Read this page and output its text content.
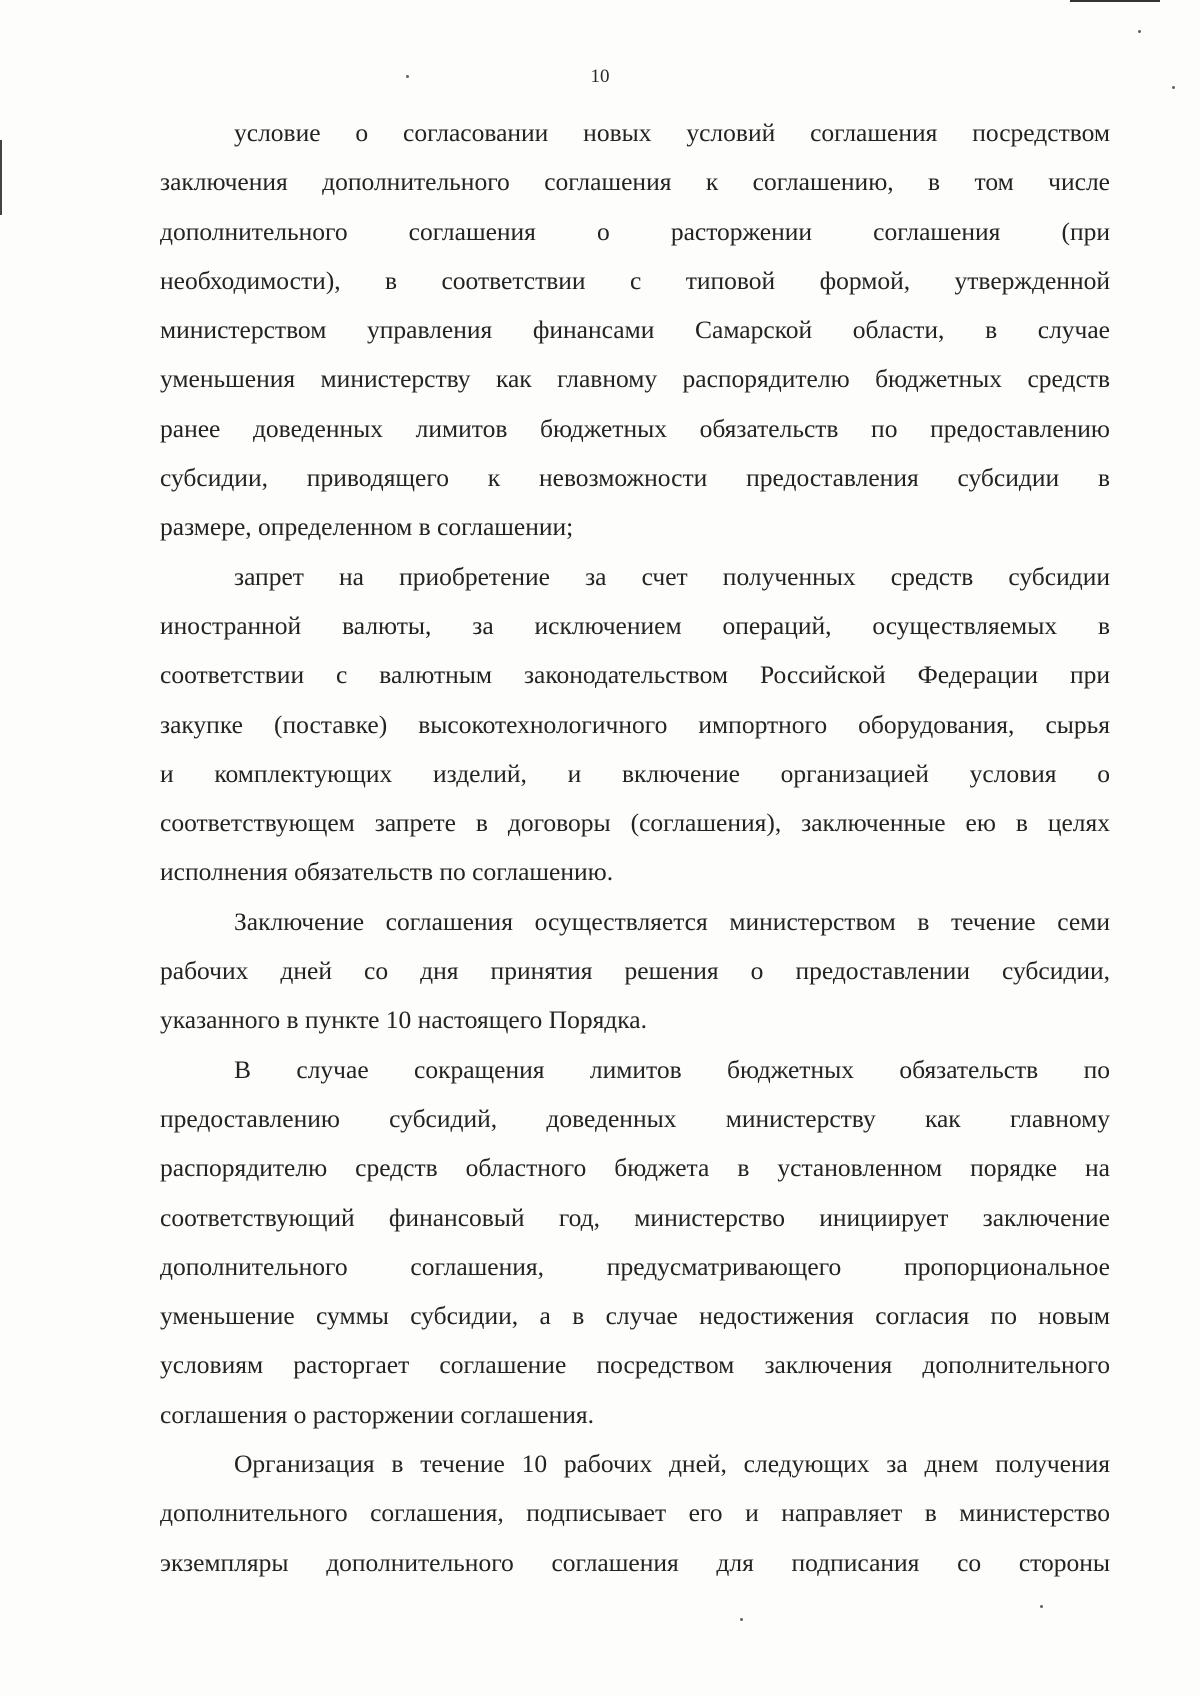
10
условие о согласовании новых условий соглашения посредством
заключения дополнительного соглашения к соглашению, в том числе
дополнительного соглашения о расторжении соглашения (при
необходимости), в соответствии с типовой формой, утвержденной
министерством управления финансами Самарской области, в случае
уменьшения министерству как главному распорядителю бюджетных средств
ранее доведенных лимитов бюджетных обязательств по предоставлению
субсидии, приводящего к невозможности предоставления субсидии в
размере, определенном в соглашении;
запрет на приобретение за счет полученных средств субсидии
иностранной валюты, за исключением операций, осуществляемых в
соответствии с валютным законодательством Российской Федерации при
закупке (поставке) высокотехнологичного импортного оборудования, сырья
и комплектующих изделий, и включение организацией условия о
соответствующем запрете в договоры (соглашения), заключенные ею в целях
исполнения обязательств по соглашению.
Заключение соглашения осуществляется министерством в течение семи
рабочих дней со дня принятия решения о предоставлении субсидии,
указанного в пункте 10 настоящего Порядка.
В случае сокращения лимитов бюджетных обязательств по
предоставлению субсидий, доведенных министерству как главному
распорядителю средств областного бюджета в установленном порядке на
соответствующий финансовый год, министерство инициирует заключение
дополнительного соглашения, предусматривающего пропорциональное
уменьшение суммы субсидии, а в случае недостижения согласия по новым
условиям расторгает соглашение посредством заключения дополнительного
соглашения о расторжении соглашения.
Организация в течение 10 рабочих дней, следующих за днем получения
дополнительного соглашения, подписывает его и направляет в министерство
экземпляры дополнительного соглашения для подписания со стороны
